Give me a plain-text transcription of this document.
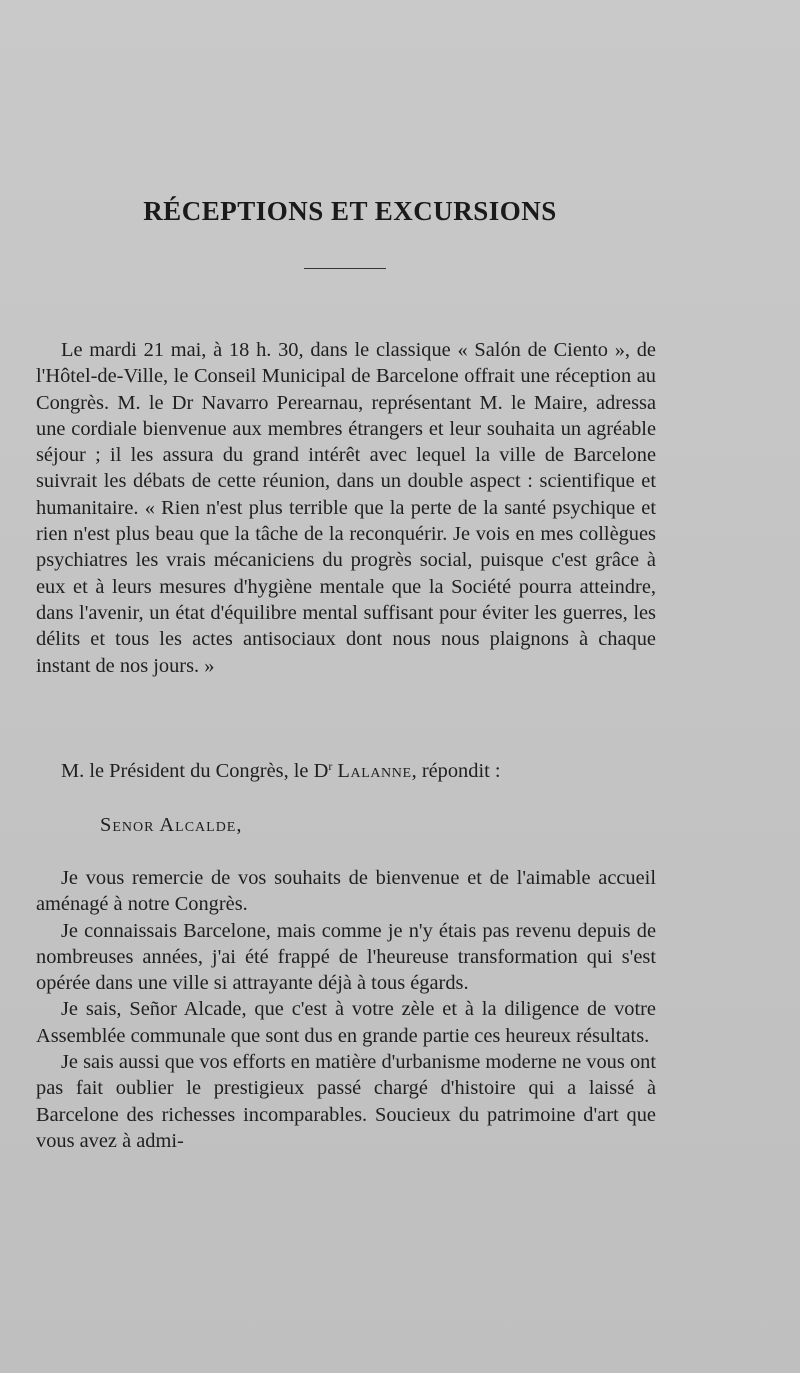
RÉCEPTIONS ET EXCURSIONS

Le mardi 21 mai, à 18 h. 30, dans le classique « Salón de Ciento », de l'Hôtel-de-Ville, le Conseil Municipal de Barcelone offrait une réception au Congrès. M. le Dr Navarro Perearnau, représentant M. le Maire, adressa une cordiale bienvenue aux membres étrangers et leur souhaita un agréable séjour ; il les assura du grand intérêt avec lequel la ville de Barcelone suivrait les débats de cette réunion, dans un double aspect : scientifique et humanitaire. « Rien n'est plus terrible que la perte de la santé psychique et rien n'est plus beau que la tâche de la reconquérir. Je vois en mes collègues psychiatres les vrais mécaniciens du progrès social, puisque c'est grâce à eux et à leurs mesures d'hygiène mentale que la Société pourra atteindre, dans l'avenir, un état d'équilibre mental suffisant pour éviter les guerres, les délits et tous les actes antisociaux dont nous nous plaignons à chaque instant de nos jours. »

M. le Président du Congrès, le $D^r$ Lalanne, répondit :

Senor Alcalde,

Je vous remercie de vos souhaits de bienvenue et de l'aimable accueil aménagé à notre Congrès.

Je connaissais Barcelone, mais comme je n'y étais pas revenu depuis de nombreuses années, j'ai été frappé de l'heureuse transformation qui s'est opérée dans une ville si attrayante déjà à tous égards.

Je sais, Señor Alcade, que c'est à votre zèle et à la diligence de votre Assemblée communale que sont dus en grande partie ces heureux résultats.

Je sais aussi que vos efforts en matière d'urbanisme moderne ne vous ont pas fait oublier le prestigieux passé chargé d'histoire qui a laissé à Barcelone des richesses incomparables. Soucieux du patrimoine d'art que vous avez à admi-
